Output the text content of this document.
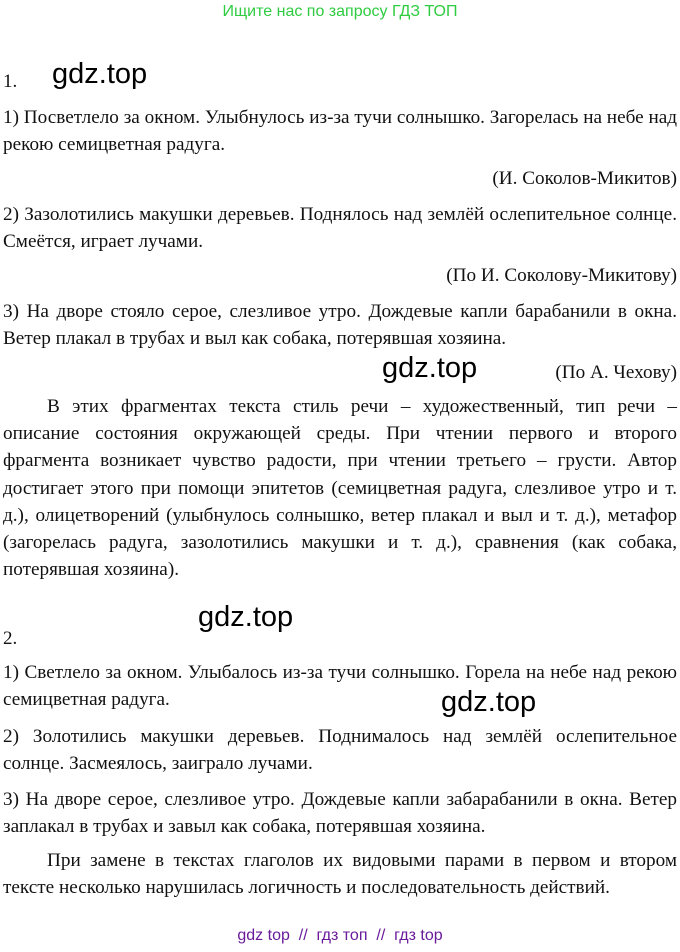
Ищите нас по запросу ГДЗ ТОП
1. gdz.top
1) Посветлело за окном. Улыбнулось из-за тучи солнышко. Загорелась на небе над рекою семицветная радуга.
(И. Соколов-Микитов)
2) Зазолотились макушки деревьев. Поднялось над землёй ослепительное солнце. Смеётся, играет лучами.
(По И. Соколову-Микитову)
3) На дворе стояло серое, слезливое утро. Дождевые капли барабанили в окна. Ветер плакал в трубах и выл как собака, потерявшая хозяина.
gdz.top	(По А. Чехову)
В этих фрагментах текста стиль речи – художественный, тип речи – описание состояния окружающей среды. При чтении первого и второго фрагмента возникает чувство радости, при чтении третьего – грусти. Автор достигает этого при помощи эпитетов (семицветная радуга, слезливое утро и т. д.), олицетворений (улыбнулось солнышко, ветер плакал и выл и т. д.), метафор (загорелась радуга, зазолотились макушки и т. д.), сравнения (как собака, потерявшая хозяина).
gdz.top
2.
1) Светлело за окном. Улыбалось из-за тучи солнышко. Горела на небе над рекою семицветная радуга.	gdz.top
2) Золотились макушки деревьев. Поднималось над землёй ослепительное солнце. Засмеялось, заиграло лучами.
3) На дворе серое, слезливое утро. Дождевые капли забарабанили в окна. Ветер заплакал в трубах и завыл как собака, потерявшая хозяина.
При замене в текстах глаголов их видовыми парами в первом и втором тексте несколько нарушилась логичность и последовательность действий.
gdz top  //  гдз топ  //  гдз top
